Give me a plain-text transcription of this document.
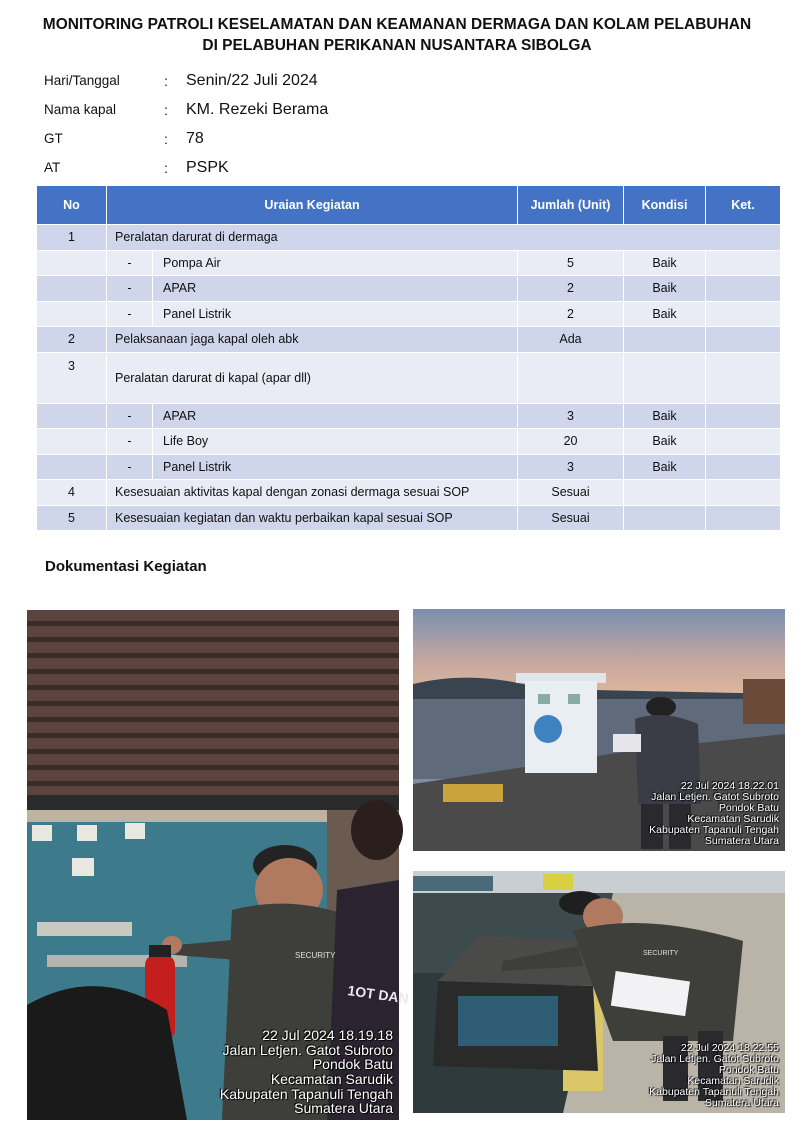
MONITORING PATROLI KESELAMATAN DAN KEAMANAN DERMAGA DAN KOLAM PELABUHAN
DI PELABUHAN PERIKANAN NUSANTARA SIBOLGA
Hari/Tanggal	:	Senin/22 Juli 2024
Nama kapal	:	KM. Rezeki Berama
GT	:	78
AT	:	PSPK
No	Uraian Kegiatan		Jumlah (Unit)	Kondisi	Ket.
1	Peralatan darurat di dermaga				
	-	Pompa Air	5	Baik	
	-	APAR	2	Baik	
	-	Panel Listrik	2	Baik	
2	Pelaksanaan jaga kapal oleh abk		Ada		
3	Peralatan darurat di kapal (apar dll)				
	-	APAR	3	Baik	
	-	Life Boy	20	Baik	
	-	Panel Listrik	3	Baik	
4	Kesesuaian aktivitas kapal dengan zonasi dermaga sesuai SOP		Sesuai		
5	Kesesuaian kegiatan dan waktu perbaikan kapal sesuai SOP		Sesuai		
Dokumentasi Kegiatan
SECURITY
1OT DAN
22 Jul 2024 18.19.18
Jalan Letjen. Gatot Subroto
Pondok Batu
Kecamatan Sarudik
Kabupaten Tapanuli Tengah
Sumatera Utara
22 Jul 2024 18.22.01
Jalan Letjen. Gatot Subroto
Pondok Batu
Kecamatan Sarudik
Kabupaten Tapanuli Tengah
Sumatera Utara
SECURITY
22 Jul 2024 18.22.55
Jalan Letjen. Gatot Subroto
Pondok Batu
Kecamatan Sarudik
Kabupaten Tapanuli Tengah
Sumatera Utara
